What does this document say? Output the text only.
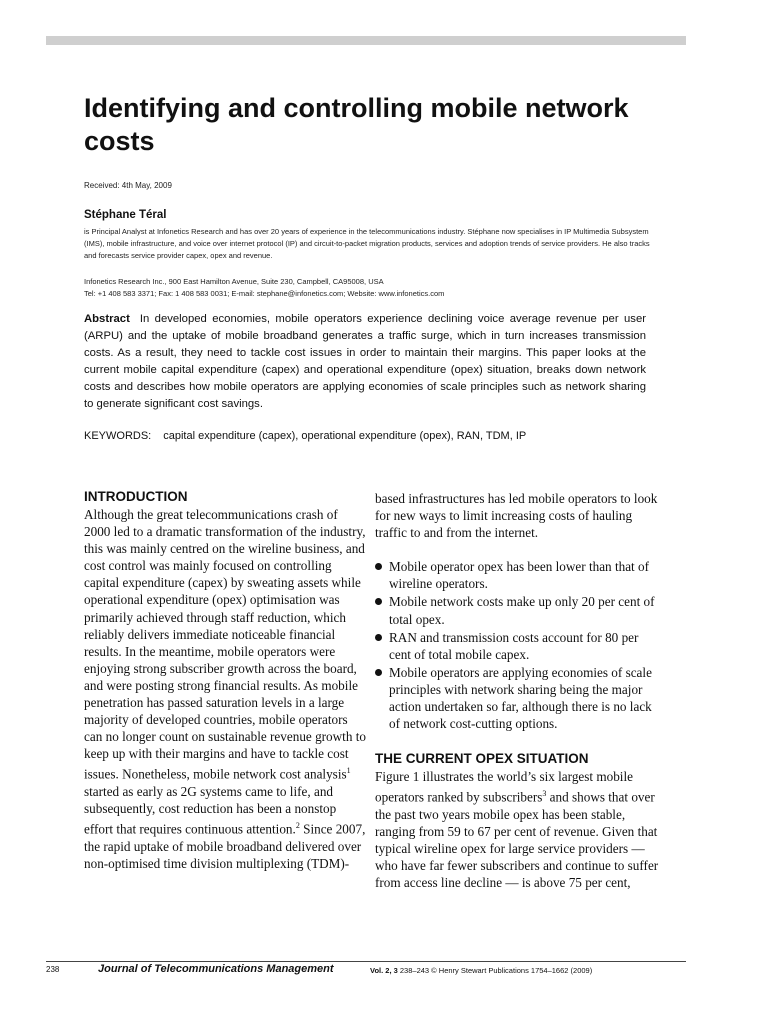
Identifying and controlling mobile network costs
Received: 4th May, 2009
Stéphane Téral

is Principal Analyst at Infonetics Research and has over 20 years of experience in the telecommunications industry. Stéphane now specialises in IP Multimedia Subsystem (IMS), mobile infrastructure, and voice over internet protocol (IP) and circuit-to-packet migration products, services and adoption trends of service providers. He also tracks and forecasts service provider capex, opex and revenue.

Infonetics Research Inc., 900 East Hamilton Avenue, Suite 230, Campbell, CA95008, USA
Tel: +1 408 583 3371; Fax: 1 408 583 0031; E-mail: stephane@infonetics.com; Website: www.infonetics.com

Abstract In developed economies, mobile operators experience declining voice average revenue per user (ARPU) and the uptake of mobile broadband generates a traffic surge, which in turn increases transmission costs. As a result, they need to tackle cost issues in order to maintain their margins. This paper looks at the current mobile capital expenditure (capex) and operational expenditure (opex) situation, breaks down network costs and describes how mobile operators are applying economies of scale principles such as network sharing to generate significant cost savings.

KEYWORDS: capital expenditure (capex), operational expenditure (opex), RAN, TDM, IP
INTRODUCTION

Although the great telecommunications crash of 2000 led to a dramatic transformation of the industry, this was mainly centred on the wireline business, and cost control was mainly focused on controlling capital expenditure (capex) by sweating assets while operational expenditure (opex) optimisation was primarily achieved through staff reduction, which reliably delivers immediate noticeable financial results. In the meantime, mobile operators were enjoying strong subscriber growth across the board, and were posting strong financial results. As mobile penetration has passed saturation levels in a large majority of developed countries, mobile operators can no longer count on sustainable revenue growth to keep up with their margins and have to tackle cost issues. Nonetheless, mobile network cost analysis$^1$ started as early as 2G systems came to life, and subsequently, cost reduction has been a nonstop effort that requires continuous attention.$^2$ Since 2007, the rapid uptake of mobile broadband delivered over non-optimised time division multiplexing (TDM)-

based infrastructures has led mobile operators to look for new ways to limit increasing costs of hauling traffic to and from the internet.

Mobile operator opex has been lower than that of wireline operators.
Mobile network costs make up only 20 per cent of total opex.
RAN and transmission costs account for 80 per cent of total mobile capex.
Mobile operators are applying economies of scale principles with network sharing being the major action undertaken so far, although there is no lack of network cost-cutting options.
THE CURRENT OPEX SITUATION

Figure 1 illustrates the world’s six largest mobile operators ranked by subscribers$^3$ and shows that over the past two years mobile opex has been stable, ranging from 59 to 67 per cent of revenue. Given that typical wireline opex for large service providers — who have far fewer subscribers and continue to suffer from access line decline — is above 75 per cent,

238	Journal of Telecommunications Management	Vol. 2, 3 238–243 © Henry Stewart Publications 1754–1662 (2009)
